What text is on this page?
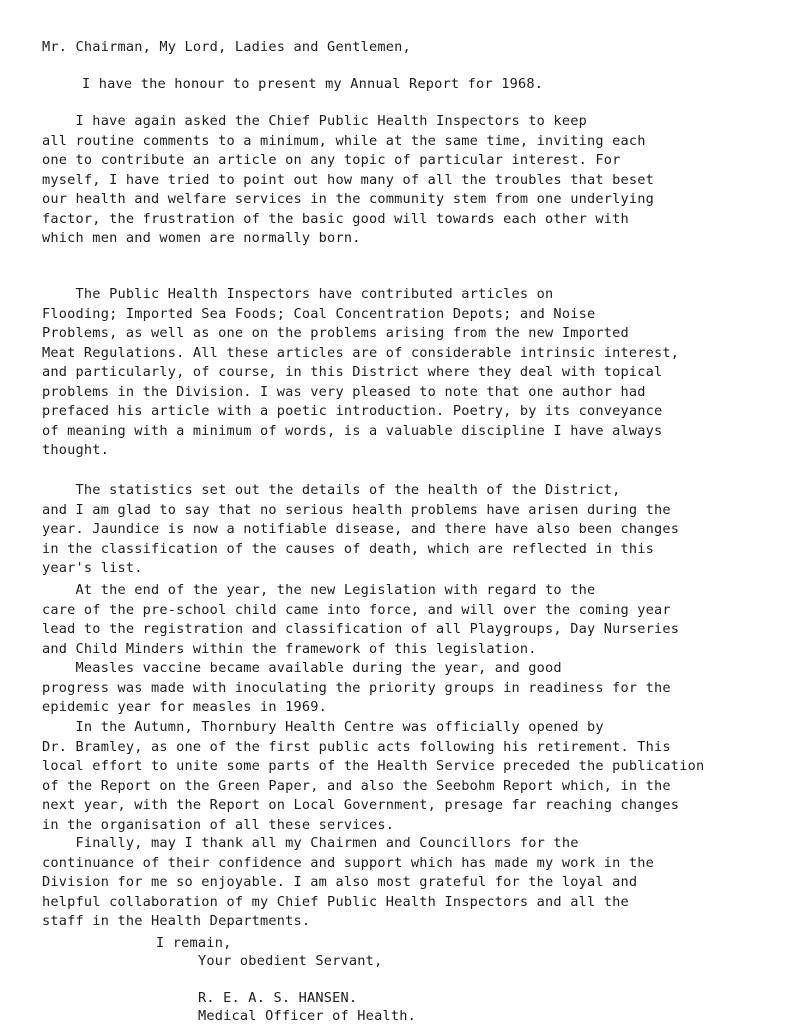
Mr. Chairman, My Lord, Ladies and Gentlemen,

I have the honour to present my Annual Report for 1968.

I have again asked the Chief Public Health Inspectors to keep
all routine comments to a minimum, while at the same time, inviting each
one to contribute an article on any topic of particular interest. For
myself, I have tried to point out how many of all the troubles that beset
our health and welfare services in the community stem from one underlying
factor, the frustration of the basic good will towards each other with
which men and women are normally born.

The Public Health Inspectors have contributed articles on
Flooding; Imported Sea Foods; Coal Concentration Depots; and Noise
Problems, as well as one on the problems arising from the new Imported
Meat Regulations. All these articles are of considerable intrinsic interest,
and particularly, of course, in this District where they deal with topical
problems in the Division. I was very pleased to note that one author had
prefaced his article with a poetic introduction. Poetry, by its conveyance
of meaning with a minimum of words, is a valuable discipline I have always
thought.

The statistics set out the details of the health of the District,
and I am glad to say that no serious health problems have arisen during the
year. Jaundice is now a notifiable disease, and there have also been changes
in the classification of the causes of death, which are reflected in this
year's list.

At the end of the year, the new Legislation with regard to the
care of the pre-school child came into force, and will over the coming year
lead to the registration and classification of all Playgroups, Day Nurseries
and Child Minders within the framework of this legislation.

Measles vaccine became available during the year, and good
progress was made with inoculating the priority groups in readiness for the
epidemic year for measles in 1969.

In the Autumn, Thornbury Health Centre was officially opened by
Dr. Bramley, as one of the first public acts following his retirement. This
local effort to unite some parts of the Health Service preceded the publication
of the Report on the Green Paper, and also the Seebohm Report which, in the
next year, with the Report on Local Government, presage far reaching changes
in the organisation of all these services.

Finally, may I thank all my Chairmen and Councillors for the
continuance of their confidence and support which has made my work in the
Division for me so enjoyable. I am also most grateful for the loyal and
helpful collaboration of my Chief Public Health Inspectors and all the
staff in the Health Departments.

I remain,

Your obedient Servant,

R. E. A. S. HANSEN.

Medical Officer of Health.
